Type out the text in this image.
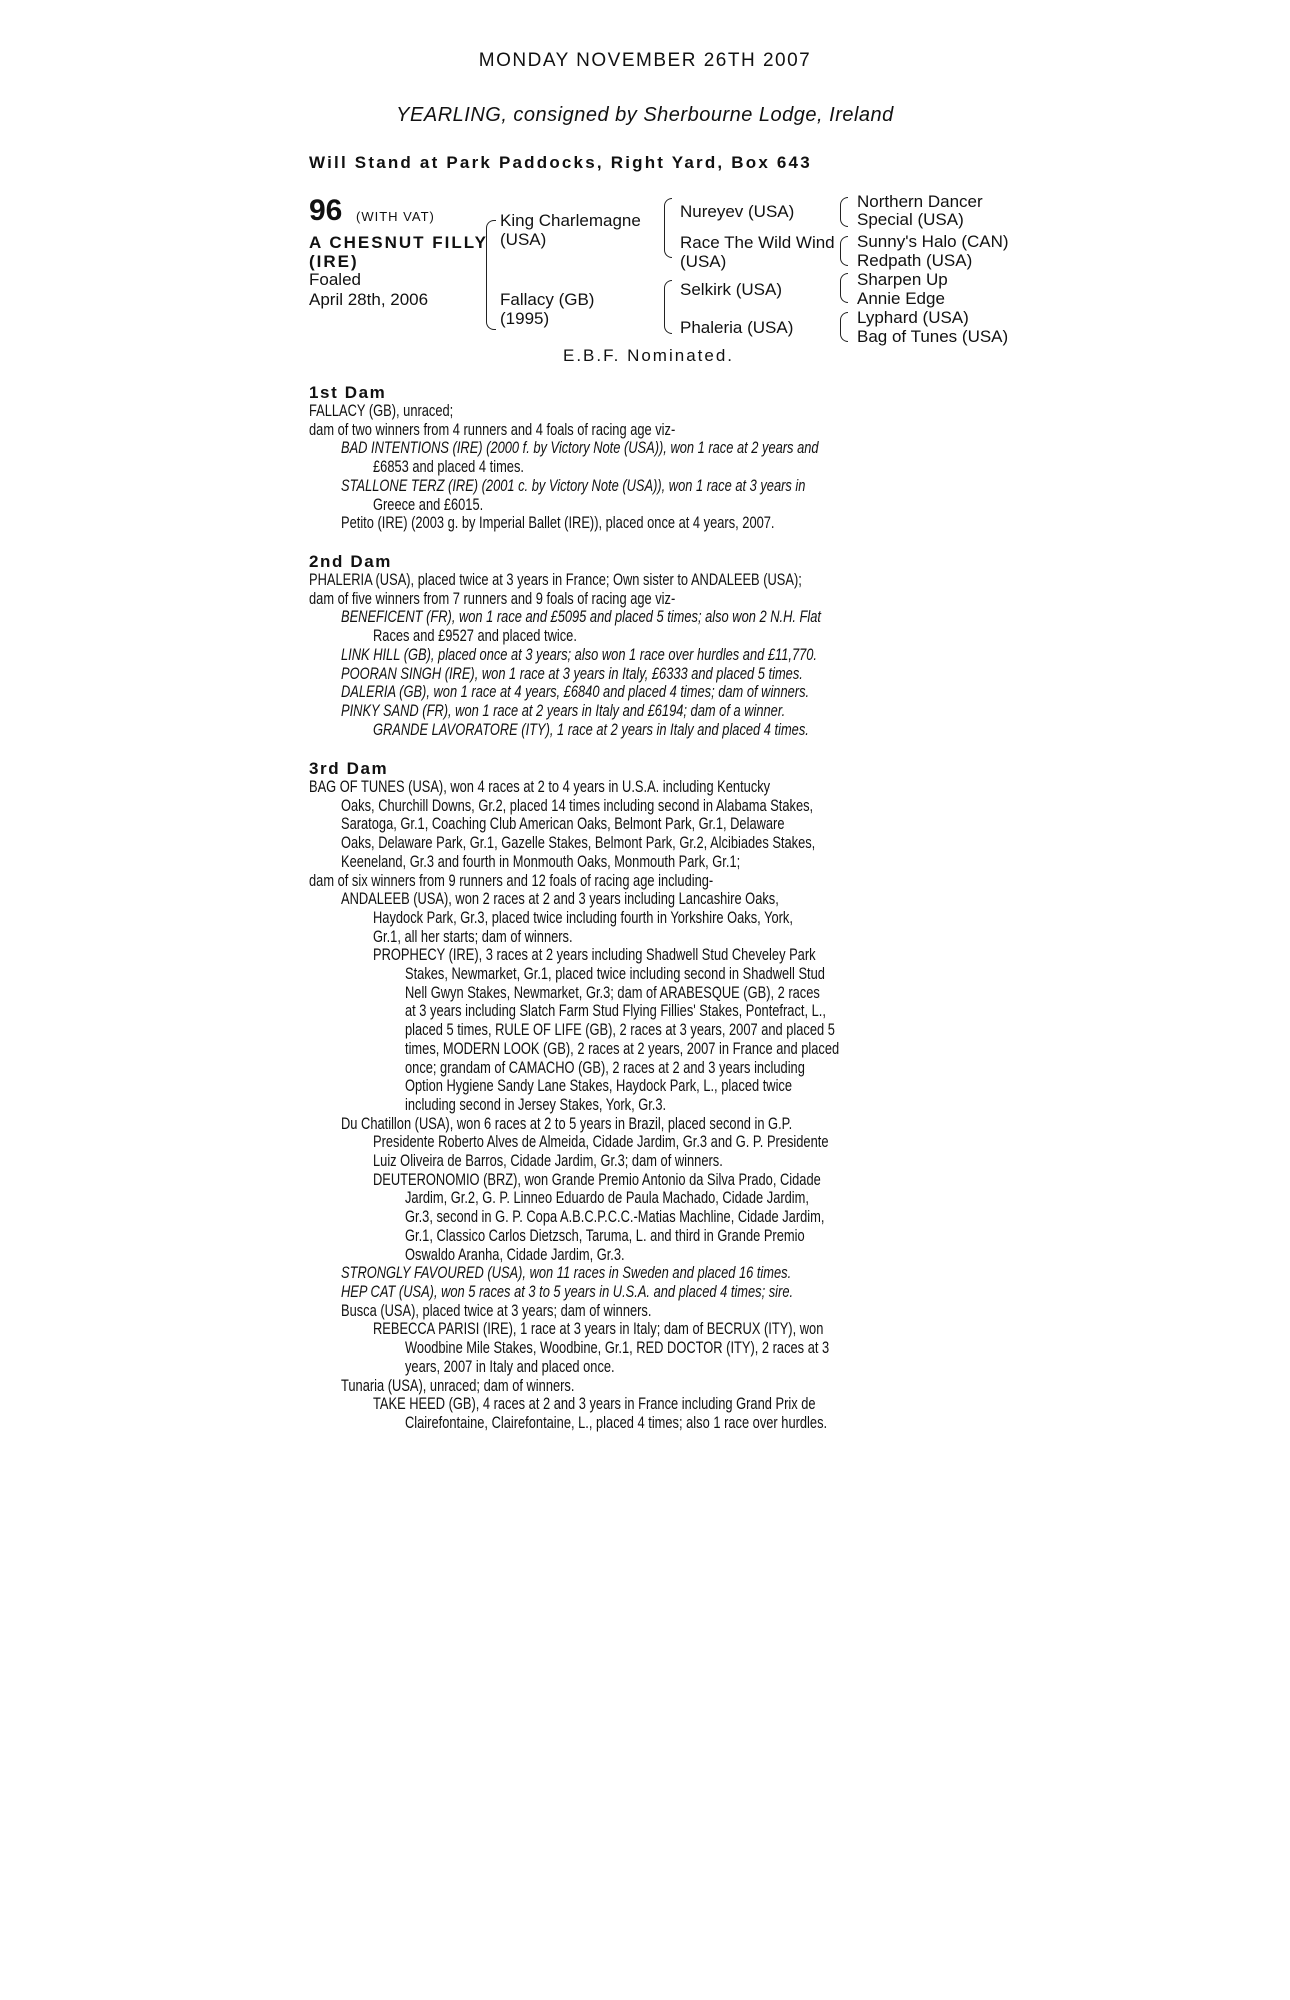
MONDAY NOVEMBER 26TH 2007
YEARLING, consigned by Sherbourne Lodge, Ireland
Will Stand at Park Paddocks, Right Yard, Box 643
96 (WITH VAT)
A CHESNUT FILLY
(IRE)
Foaled
April 28th, 2006
King Charlemagne
(USA)
Fallacy (GB)
(1995)
Nureyev (USA)
Race The Wild Wind
(USA)
Selkirk (USA)
Phaleria (USA)
Northern Dancer
Special (USA)
Sunny's Halo (CAN)
Redpath (USA)
Sharpen Up
Annie Edge
Lyphard (USA)
Bag of Tunes (USA)
E.B.F. Nominated.
1st Dam
FALLACY (GB), unraced;
dam of two winners from 4 runners and 4 foals of racing age viz-
BAD INTENTIONS (IRE) (2000 f. by Victory Note (USA)), won 1 race at 2 years and
£6853 and placed 4 times.
STALLONE TERZ (IRE) (2001 c. by Victory Note (USA)), won 1 race at 3 years in
Greece and £6015.
Petito (IRE) (2003 g. by Imperial Ballet (IRE)), placed once at 4 years, 2007.
2nd Dam
PHALERIA (USA), placed twice at 3 years in France; Own sister to ANDALEEB (USA);
dam of five winners from 7 runners and 9 foals of racing age viz-
BENEFICENT (FR), won 1 race and £5095 and placed 5 times; also won 2 N.H. Flat
Races and £9527 and placed twice.
LINK HILL (GB), placed once at 3 years; also won 1 race over hurdles and £11,770.
POORAN SINGH (IRE), won 1 race at 3 years in Italy, £6333 and placed 5 times.
DALERIA (GB), won 1 race at 4 years, £6840 and placed 4 times; dam of winners.
PINKY SAND (FR), won 1 race at 2 years in Italy and £6194; dam of a winner.
GRANDE LAVORATORE (ITY), 1 race at 2 years in Italy and placed 4 times.
3rd Dam
BAG OF TUNES (USA), won 4 races at 2 to 4 years in U.S.A. including Kentucky
Oaks, Churchill Downs, Gr.2, placed 14 times including second in Alabama Stakes,
Saratoga, Gr.1, Coaching Club American Oaks, Belmont Park, Gr.1, Delaware
Oaks, Delaware Park, Gr.1, Gazelle Stakes, Belmont Park, Gr.2, Alcibiades Stakes,
Keeneland, Gr.3 and fourth in Monmouth Oaks, Monmouth Park, Gr.1;
dam of six winners from 9 runners and 12 foals of racing age including-
ANDALEEB (USA), won 2 races at 2 and 3 years including Lancashire Oaks,
Haydock Park, Gr.3, placed twice including fourth in Yorkshire Oaks, York,
Gr.1, all her starts; dam of winners.
PROPHECY (IRE), 3 races at 2 years including Shadwell Stud Cheveley Park
Stakes, Newmarket, Gr.1, placed twice including second in Shadwell Stud
Nell Gwyn Stakes, Newmarket, Gr.3; dam of ARABESQUE (GB), 2 races
at 3 years including Slatch Farm Stud Flying Fillies' Stakes, Pontefract, L.,
placed 5 times, RULE OF LIFE (GB), 2 races at 3 years, 2007 and placed 5
times, MODERN LOOK (GB), 2 races at 2 years, 2007 in France and placed
once; grandam of CAMACHO (GB), 2 races at 2 and 3 years including
Option Hygiene Sandy Lane Stakes, Haydock Park, L., placed twice
including second in Jersey Stakes, York, Gr.3.
Du Chatillon (USA), won 6 races at 2 to 5 years in Brazil, placed second in G.P.
Presidente Roberto Alves de Almeida, Cidade Jardim, Gr.3 and G. P. Presidente
Luiz Oliveira de Barros, Cidade Jardim, Gr.3; dam of winners.
DEUTERONOMIO (BRZ), won Grande Premio Antonio da Silva Prado, Cidade
Jardim, Gr.2, G. P. Linneo Eduardo de Paula Machado, Cidade Jardim,
Gr.3, second in G. P. Copa A.B.C.P.C.C.-Matias Machline, Cidade Jardim,
Gr.1, Classico Carlos Dietzsch, Taruma, L. and third in Grande Premio
Oswaldo Aranha, Cidade Jardim, Gr.3.
STRONGLY FAVOURED (USA), won 11 races in Sweden and placed 16 times.
HEP CAT (USA), won 5 races at 3 to 5 years in U.S.A. and placed 4 times; sire.
Busca (USA), placed twice at 3 years; dam of winners.
REBECCA PARISI (IRE), 1 race at 3 years in Italy; dam of BECRUX (ITY), won
Woodbine Mile Stakes, Woodbine, Gr.1, RED DOCTOR (ITY), 2 races at 3
years, 2007 in Italy and placed once.
Tunaria (USA), unraced; dam of winners.
TAKE HEED (GB), 4 races at 2 and 3 years in France including Grand Prix de
Clairefontaine, Clairefontaine, L., placed 4 times; also 1 race over hurdles.
